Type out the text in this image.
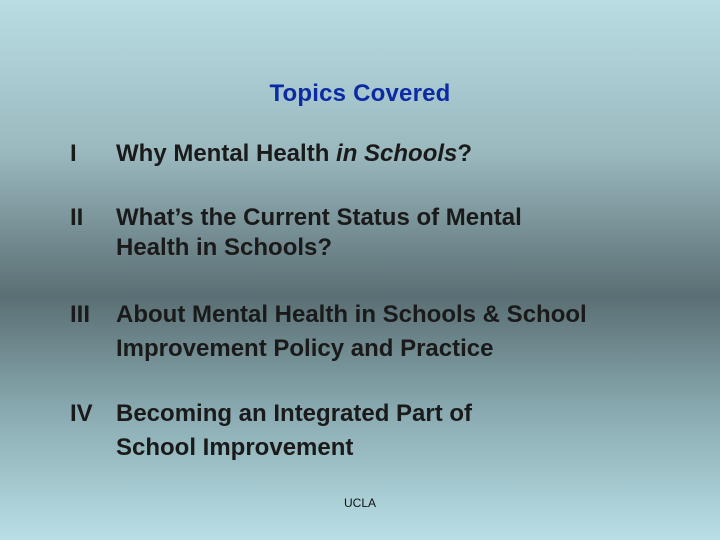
Topics Covered
I Why Mental Health in Schools?
II What’s the Current Status of Mental
Health in Schools?
III About Mental Health in Schools & School
Improvement Policy and Practice
IV Becoming an Integrated Part of
School Improvement
UCLA
